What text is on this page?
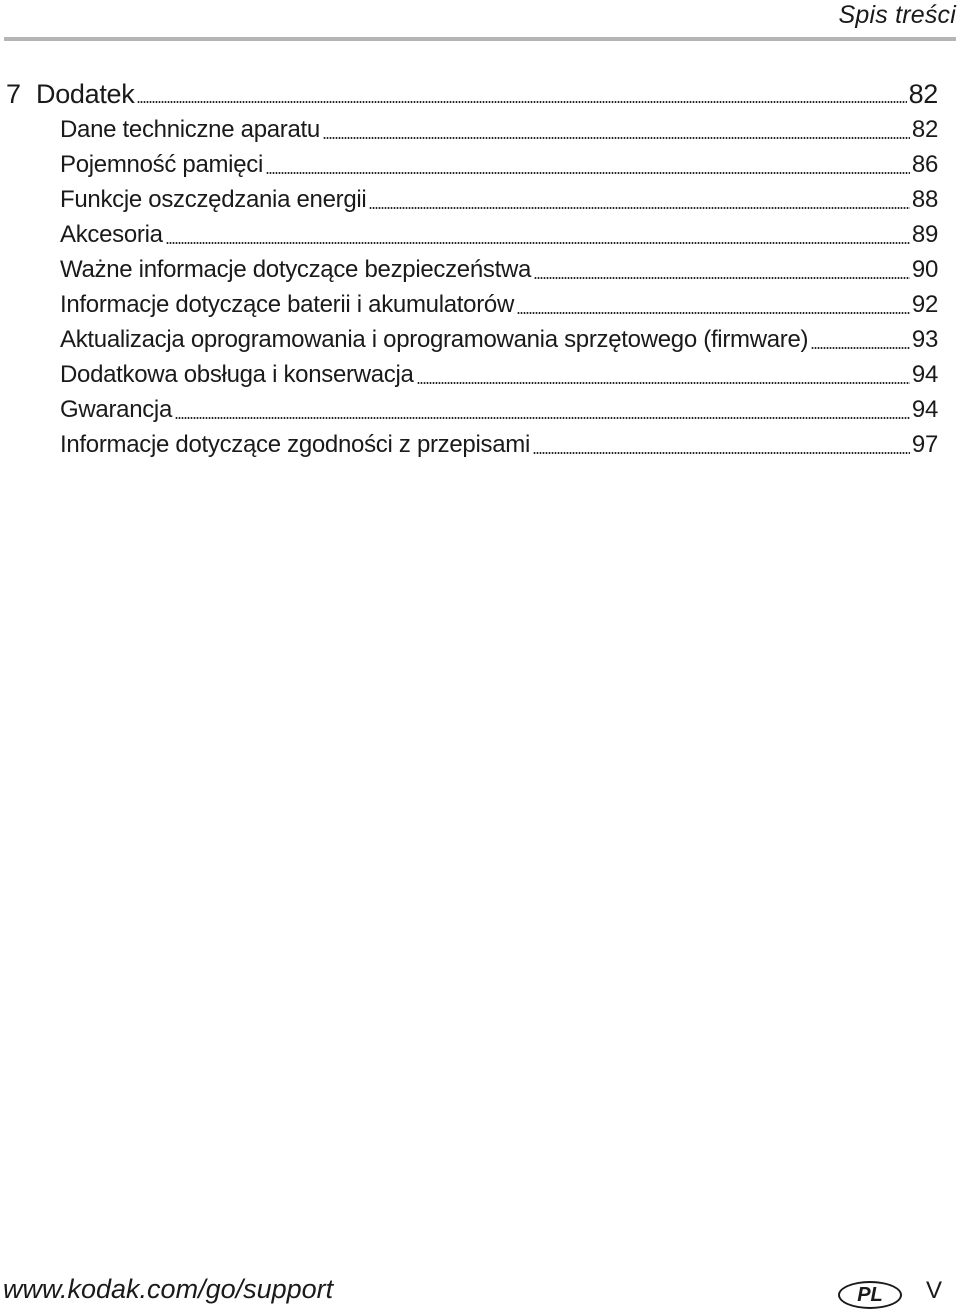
Spis treści
7 Dodatek	82
Dane techniczne aparatu	82
Pojemność pamięci	86
Funkcje oszczędzania energii	88
Akcesoria	89
Ważne informacje dotyczące bezpieczeństwa	90
Informacje dotyczące baterii i akumulatorów	92
Aktualizacja oprogramowania i oprogramowania sprzętowego (firmware)	93
Dodatkowa obsługa i konserwacja	94
Gwarancja	94
Informacje dotyczące zgodności z przepisami	97
www.kodak.com/go/support	PL	V
